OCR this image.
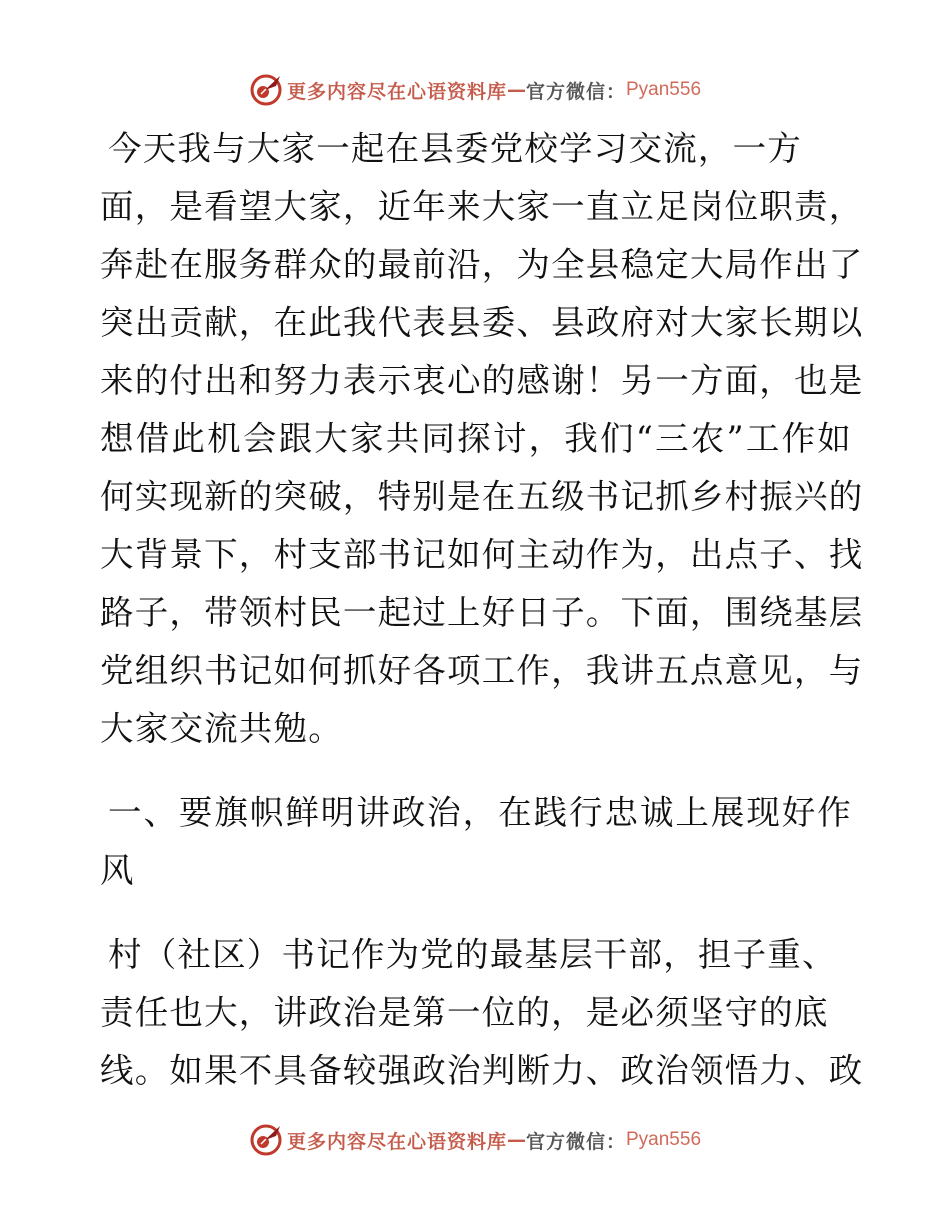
更多内容尽在心语资料库 — 官方微信： Pyan556
今天我与大家一起在县委党校学习交流，一方
面，是看望大家，近年来大家一直立足岗位职责，
奔赴在服务群众的最前沿，为全县稳定大局作出了
突出贡献，在此我代表县委、县政府对大家长期以
来的付出和努力表示衷心的感谢！另一方面，也是
想借此机会跟大家共同探讨，我们“三农”工作如
何实现新的突破，特别是在五级书记抓乡村振兴的
大背景下，村支部书记如何主动作为，出点子、找
路子，带领村民一起过上好日子。下面，围绕基层
党组织书记如何抓好各项工作，我讲五点意见，与
大家交流共勉。
一、要旗帜鲜明讲政治，在践行忠诚上展现好作
风
村（社区）书记作为党的最基层干部，担子重、
责任也大，讲政治是第一位的，是必须坚守的底
线。如果不具备较强政治判断力、政治领悟力、政
更多内容尽在心语资料库 — 官方微信： Pyan556
